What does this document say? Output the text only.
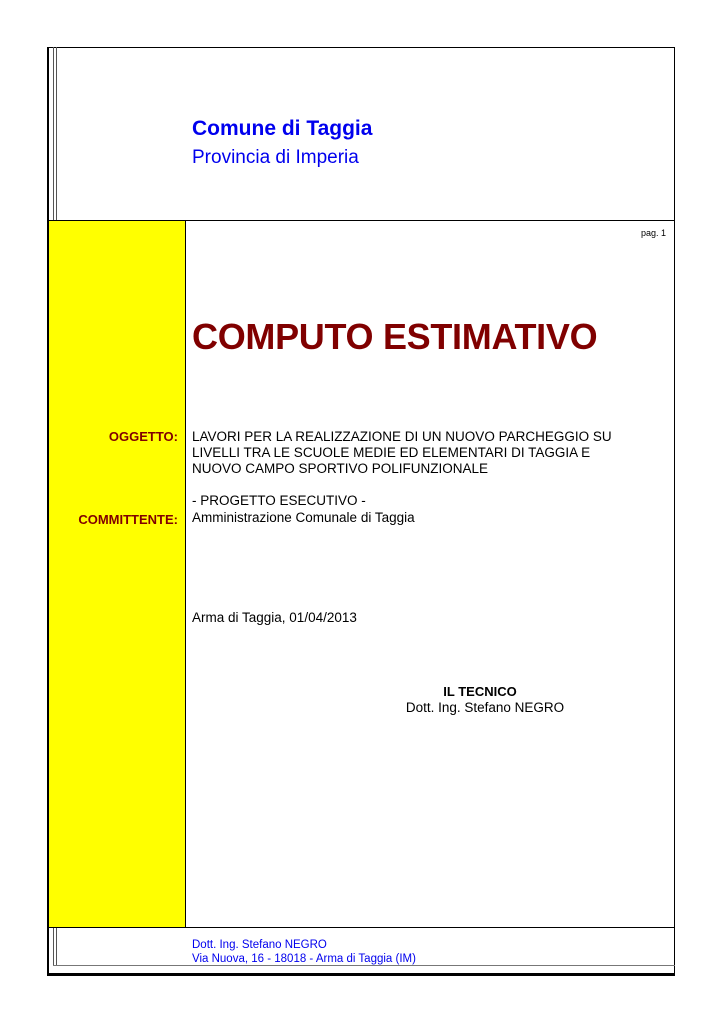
Comune di Taggia
Provincia di Imperia
pag. 1
COMPUTO ESTIMATIVO
OGGETTO:
COMMITTENTE:
LAVORI PER LA REALIZZAZIONE DI UN NUOVO PARCHEGGIO SU
LIVELLI TRA LE SCUOLE MEDIE ED ELEMENTARI DI TAGGIA E
NUOVO CAMPO SPORTIVO POLIFUNZIONALE
- PROGETTO ESECUTIVO -
Amministrazione Comunale di Taggia
Arma di Taggia, 01/04/2013
IL TECNICO
Dott. Ing. Stefano NEGRO
Dott. Ing. Stefano NEGRO
Via Nuova, 16 - 18018 - Arma di Taggia (IM)
